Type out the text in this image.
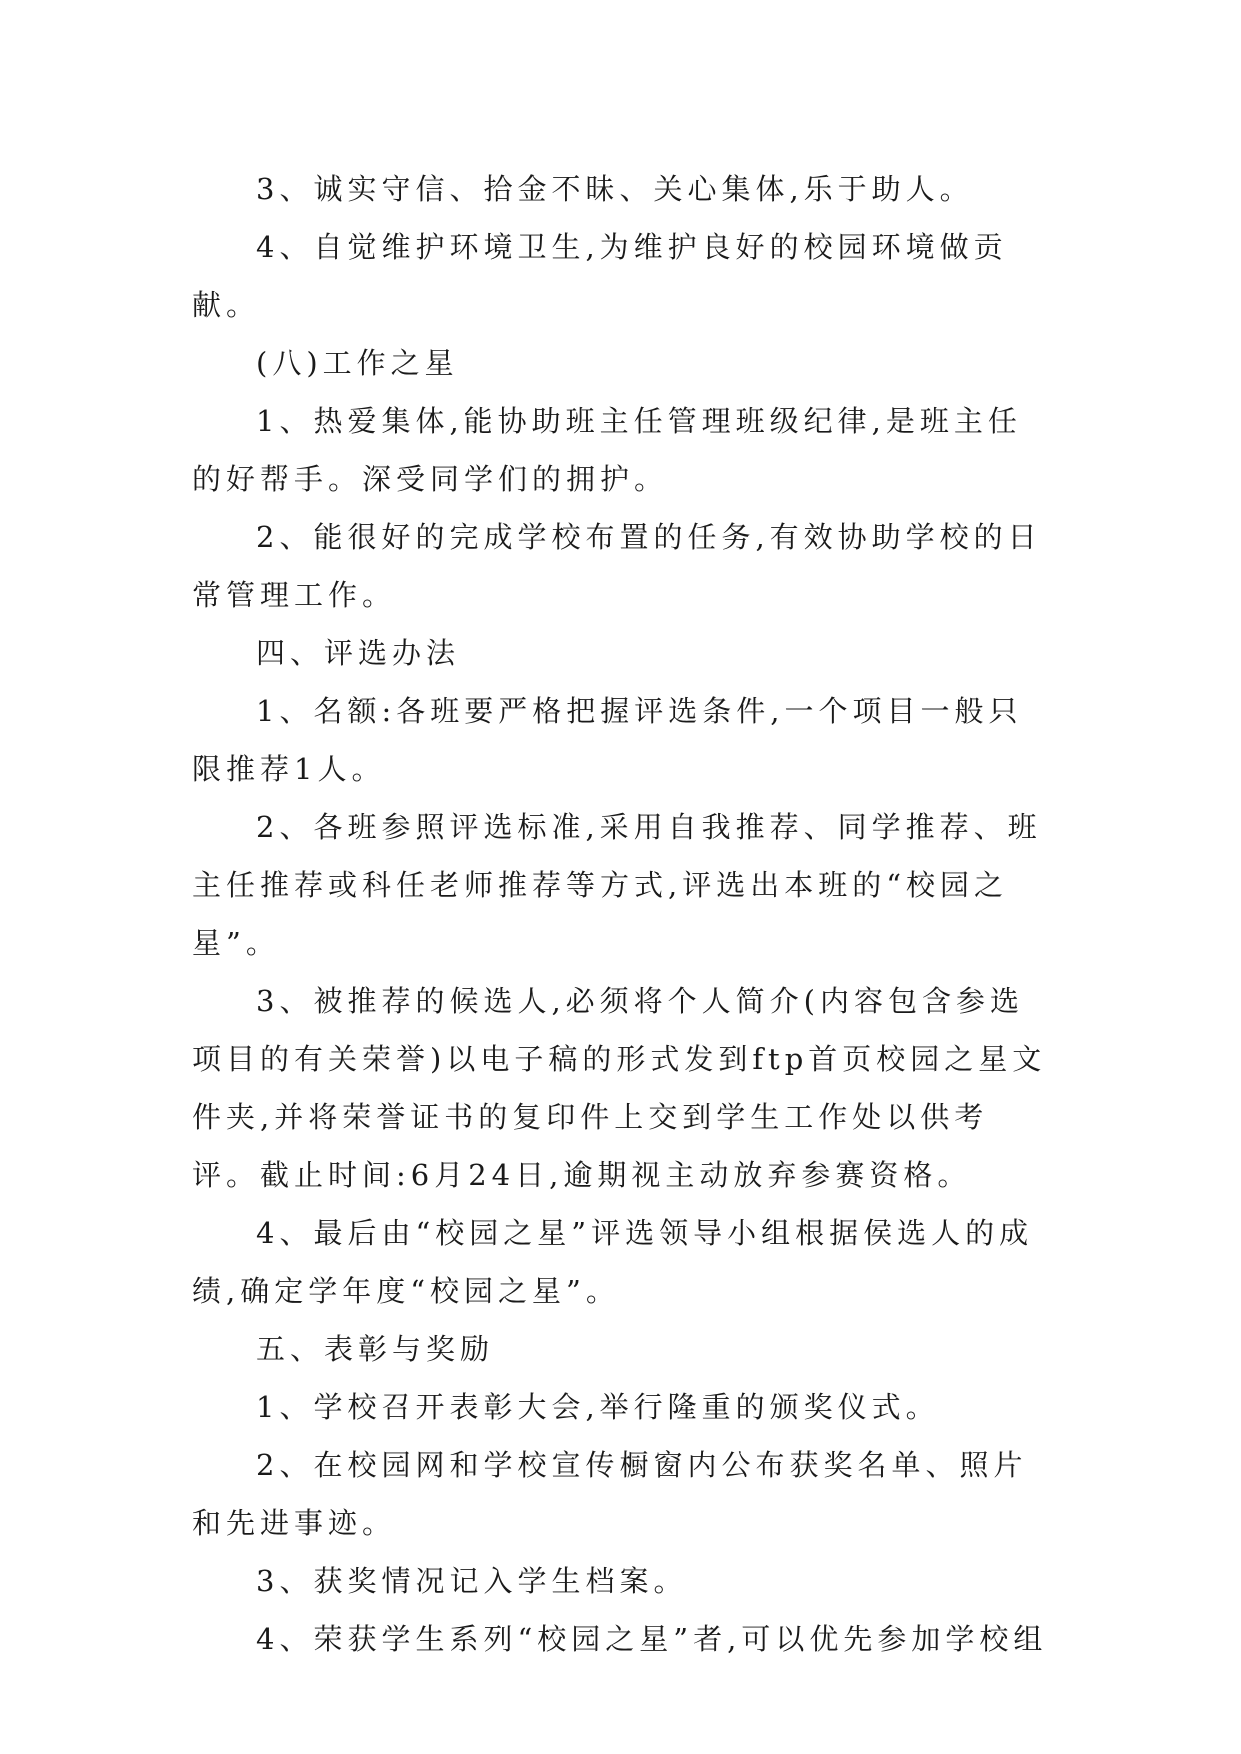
3、诚实守信、拾金不昧、关心集体,乐于助人。

4、自觉维护环境卫生,为维护良好的校园环境做贡献。

(八)工作之星

1、热爱集体,能协助班主任管理班级纪律,是班主任的好帮手。深受同学们的拥护。

2、能很好的完成学校布置的任务,有效协助学校的日常管理工作。

四、评选办法

1、名额:各班要严格把握评选条件,一个项目一般只限推荐1人。

2、各班参照评选标准,采用自我推荐、同学推荐、班主任推荐或科任老师推荐等方式,评选出本班的“校园之星”。

3、被推荐的候选人,必须将个人简介(内容包含参选项目的有关荣誉)以电子稿的形式发到ftp首页校园之星文件夹,并将荣誉证书的复印件上交到学生工作处以供考评。截止时间:6月24日,逾期视主动放弃参赛资格。

4、最后由“校园之星”评选领导小组根据侯选人的成绩,确定学年度“校园之星”。

五、表彰与奖励

1、学校召开表彰大会,举行隆重的颁奖仪式。

2、在校园网和学校宣传橱窗内公布获奖名单、照片和先进事迹。

3、获奖情况记入学生档案。

4、荣获学生系列“校园之星”者,可以优先参加学校组
